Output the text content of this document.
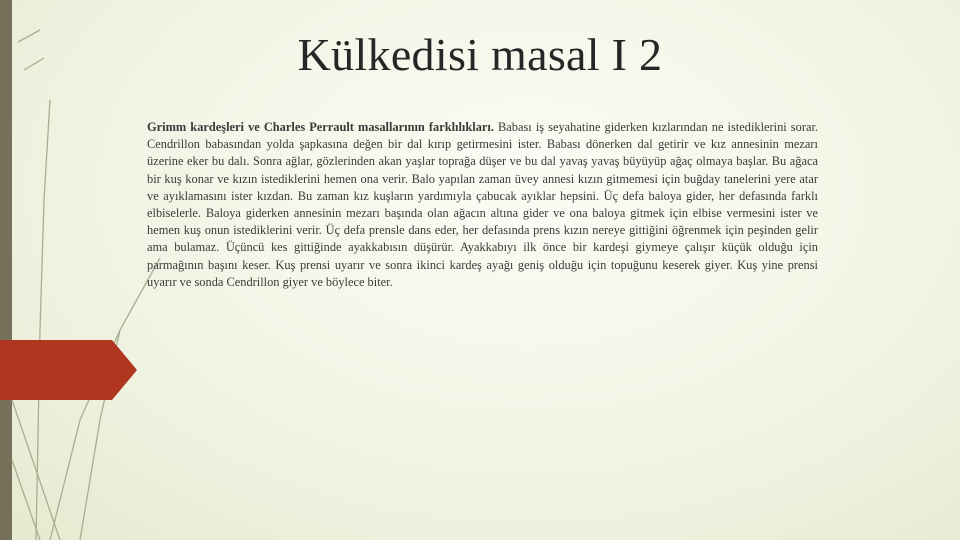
Külkedisi masal I 2
Grimm kardeşleri ve Charles Perrault masallarının farklılıkları. Babası iş seyahatine giderken kızlarından ne istediklerini sorar. Cendrillon babasından yolda şapkasına değen bir dal kırıp getirmesini ister. Babası dönerken dal getirir ve kız annesinin mezarı üzerine eker bu dalı. Sonra ağlar, gözlerinden akan yaşlar toprağa düşer ve bu dal yavaş yavaş büyüyüp ağaç olmaya başlar. Bu ağaca bir kuş konar ve kızın istediklerini hemen ona verir. Balo yapılan zaman üvey annesi kızın gitmemesi için buğday tanelerini yere atar ve ayıklamasını ister kızdan. Bu zaman kız kuşların yardımıyla çabucak ayıklar hepsini. Üç defa baloya gider, her defasında farklı elbiselerle. Baloya giderken annesinin mezarı başında olan ağacın altına gider ve ona baloya gitmek için elbise vermesini ister ve hemen kuş onun istediklerini verir. Üç defa prensle dans eder, her defasında prens kızın nereye gittiğini öğrenmek için peşinden gelir ama bulamaz. Üçüncü kes gittiğinde ayakkabısın düşürür. Ayakkabıyı ilk önce bir kardeşi giymeye çalışır küçük olduğu için parmağının başını keser. Kuş prensi uyarır ve sonra ikinci kardeş ayağı geniş olduğu için topuğunu keserek giyer. Kuş yine prensi uyarır ve sonda Cendrillon giyer ve böylece biter.
